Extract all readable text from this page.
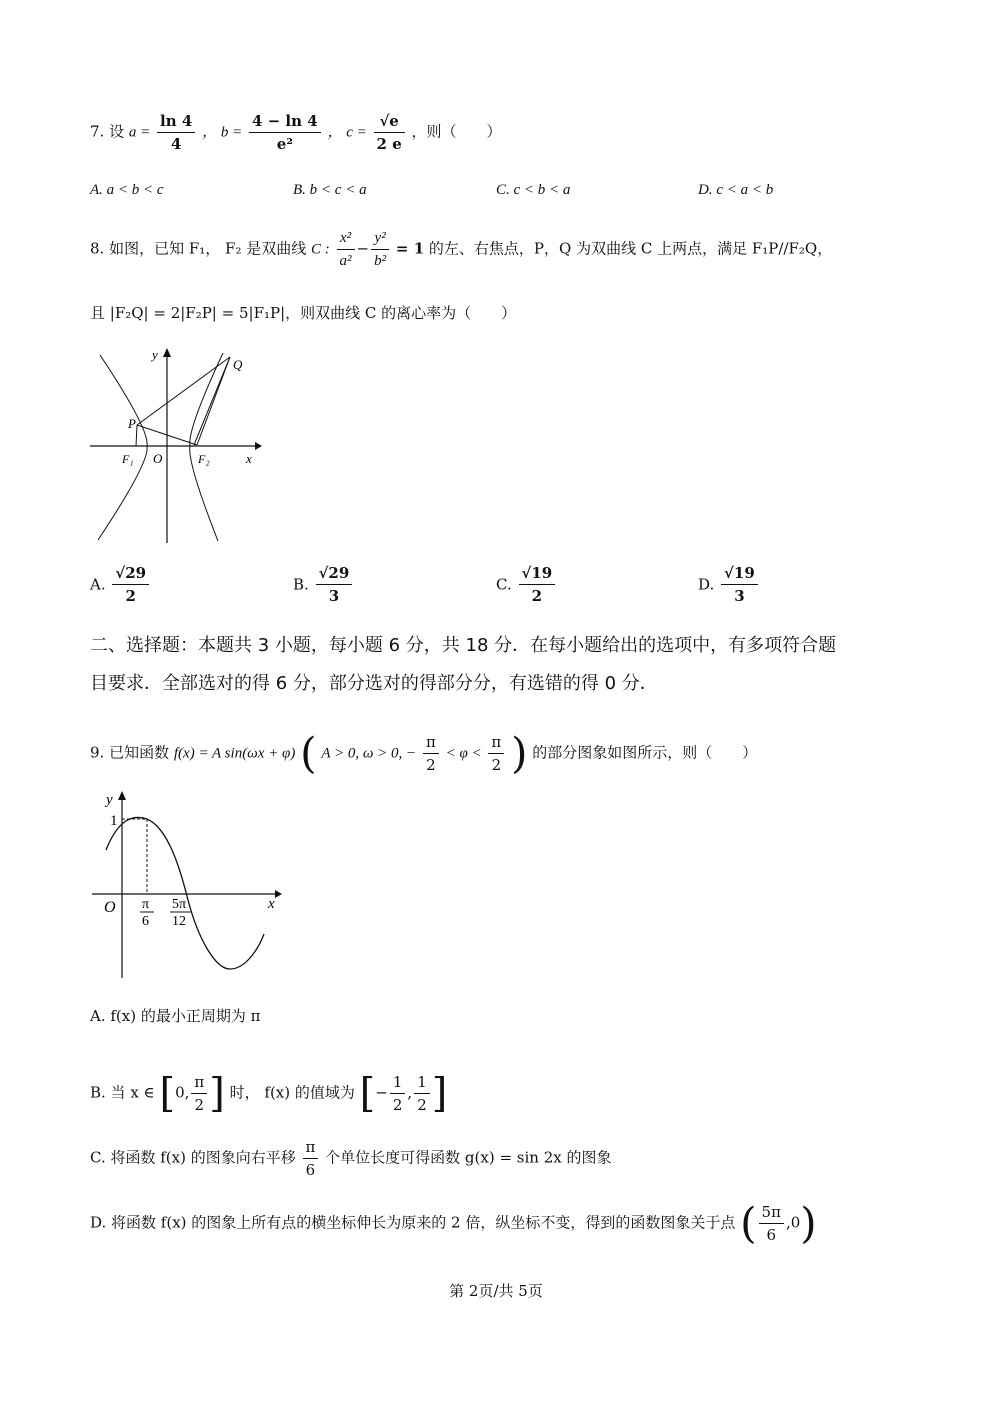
7. 设 $a = \frac{\ln 4}{4}$ ， $b = \frac{4 - \ln 4}{\text{e²}}$ ， $c = \frac{√e}{2 e}$ ，则（　　）
A. a < b < c	B. b < c < a	C. c < b < a	D. c < a < b
8. 如图，已知 F₁， F₂ 是双曲线 C : $\frac{\text{x²}}{\text{a²}} - \frac{\text{y²}}{\text{b²}} = 1$ 的左、右焦点，P，Q 为双曲线 C 上两点，满足 F₁P//F₂Q，
且 |F₂Q| = 2|F₂P| = 5|F₁P|，则双曲线 C 的离心率为（　　）
y
x
P
Q
F₁ O	F₂
A. $\frac{√29}{2}$	B. $\frac{√29}{3}$	C. $\frac{√19}{2}$	D. $\frac{√19}{3}$
二、选择题：本题共 3 小题，每小题 6 分，共 18 分．在每小题给出的选项中，有多项符合题
目要求．全部选对的得 6 分，部分选对的得部分分，有选错的得 0 分．
9. 已知函数 f(x) = A sin(ωx + φ) ( A > 0, ω > 0, − $\frac{\pi}{2} < \varphi < \frac{\pi}{2}$ ) 的部分图象如图所示，则（　　）
y
1
O	x
π
6
5π
12
A. f(x) 的最小正周期为 π
B. 当 x ∈ [0, $\frac{\pi}{2}$ ] 时， f(x) 的值域为 [− $\frac{1}{2}$ , $\frac{1}{2}$ ]
C. 将函数 f(x) 的图象向右平移 $\frac{\pi}{6}$ 个单位长度可得函数 g(x) = sin 2x 的图象
D. 将函数 f(x) 的图象上所有点的横坐标伸长为原来的 2 倍，纵坐标不变，得到的函数图象关于点 ( $\frac{5\pi}{6} ,0$)
第 2页/共 5页
